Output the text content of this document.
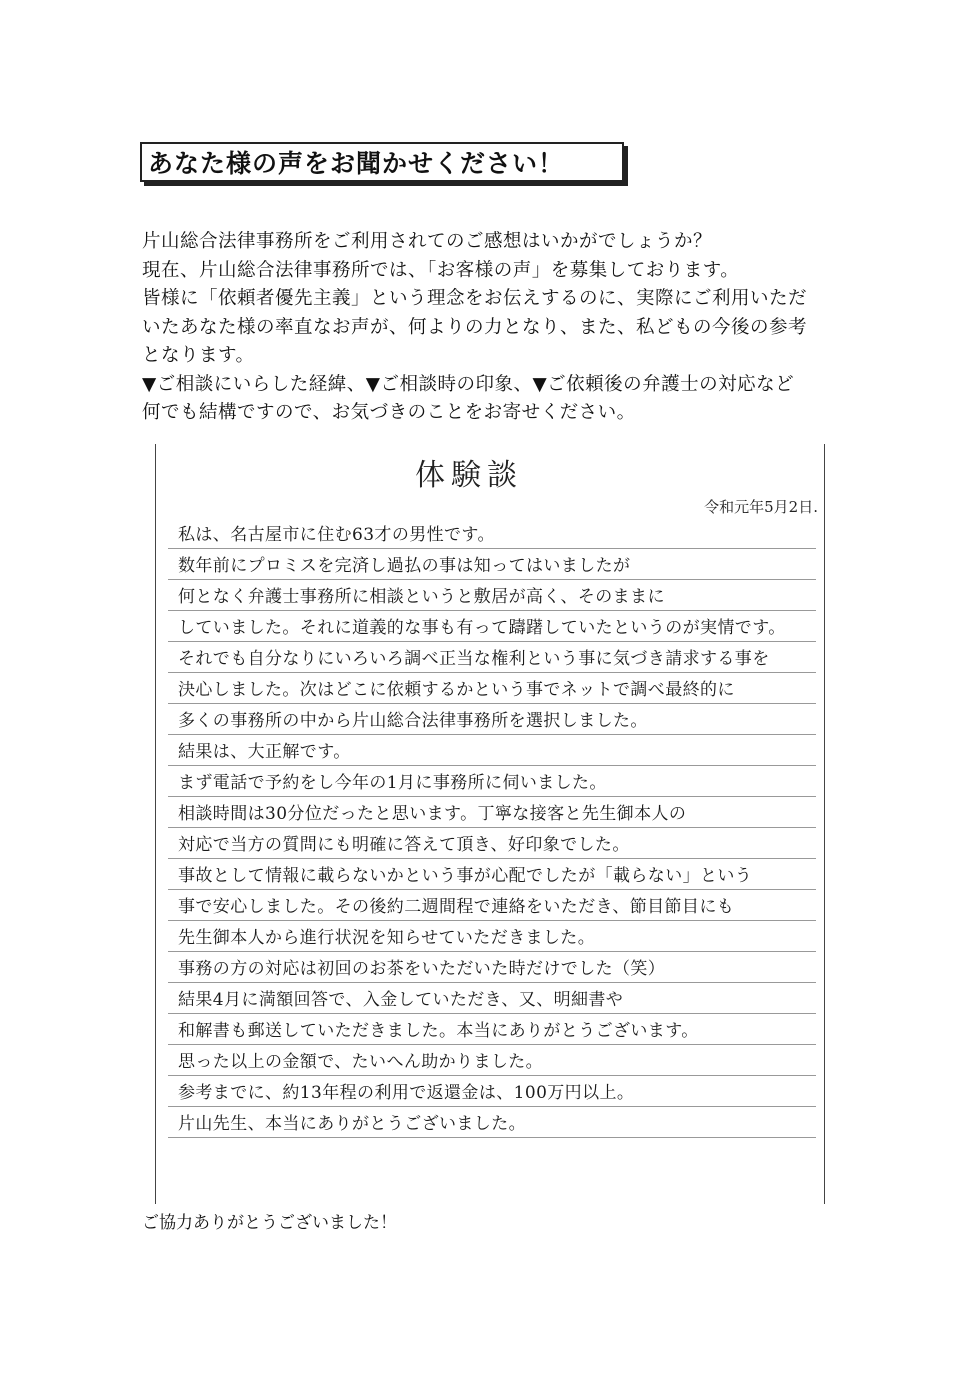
あなた様の声をお聞かせください！

片山総合法律事務所をご利用されてのご感想はいかがでしょうか？

現在、片山総合法律事務所では、「お客様の声」を募集しております。

皆様に「依頼者優先主義」という理念をお伝えするのに、実際にご利用いただ

いたあなた様の率直なお声が、何よりの力となり、また、私どもの今後の参考

となります。

▼ご相談にいらした経緯、▼ご相談時の印象、▼ご依頼後の弁護士の対応など

何でも結構ですので、お気づきのことをお寄せください。

体験談
令和元年5月2日.
私は、名古屋市に住む63才の男性です。
数年前にプロミスを完済し過払の事は知ってはいましたが
何となく弁護士事務所に相談というと敷居が高く、そのままに
していました。それに道義的な事も有って躊躇していたというのが実情です。
それでも自分なりにいろいろ調べ正当な権利という事に気づき請求する事を
決心しました。次はどこに依頼するかという事でネットで調べ最終的に
多くの事務所の中から片山総合法律事務所を選択しました。
結果は、大正解です。
まず電話で予約をし今年の1月に事務所に伺いました。
相談時間は30分位だったと思います。丁寧な接客と先生御本人の
対応で当方の質問にも明確に答えて頂き、好印象でした。
事故として情報に載らないかという事が心配でしたが「載らない」という
事で安心しました。その後約二週間程で連絡をいただき、節目節目にも
先生御本人から進行状況を知らせていただきました。
事務の方の対応は初回のお茶をいただいた時だけでした（笑）
結果4月に満額回答で、入金していただき、又、明細書や
和解書も郵送していただきました。本当にありがとうございます。
思った以上の金額で、たいへん助かりました。
参考までに、約13年程の利用で返還金は、100万円以上。
片山先生、本当にありがとうございました。
ご協力ありがとうございました！
